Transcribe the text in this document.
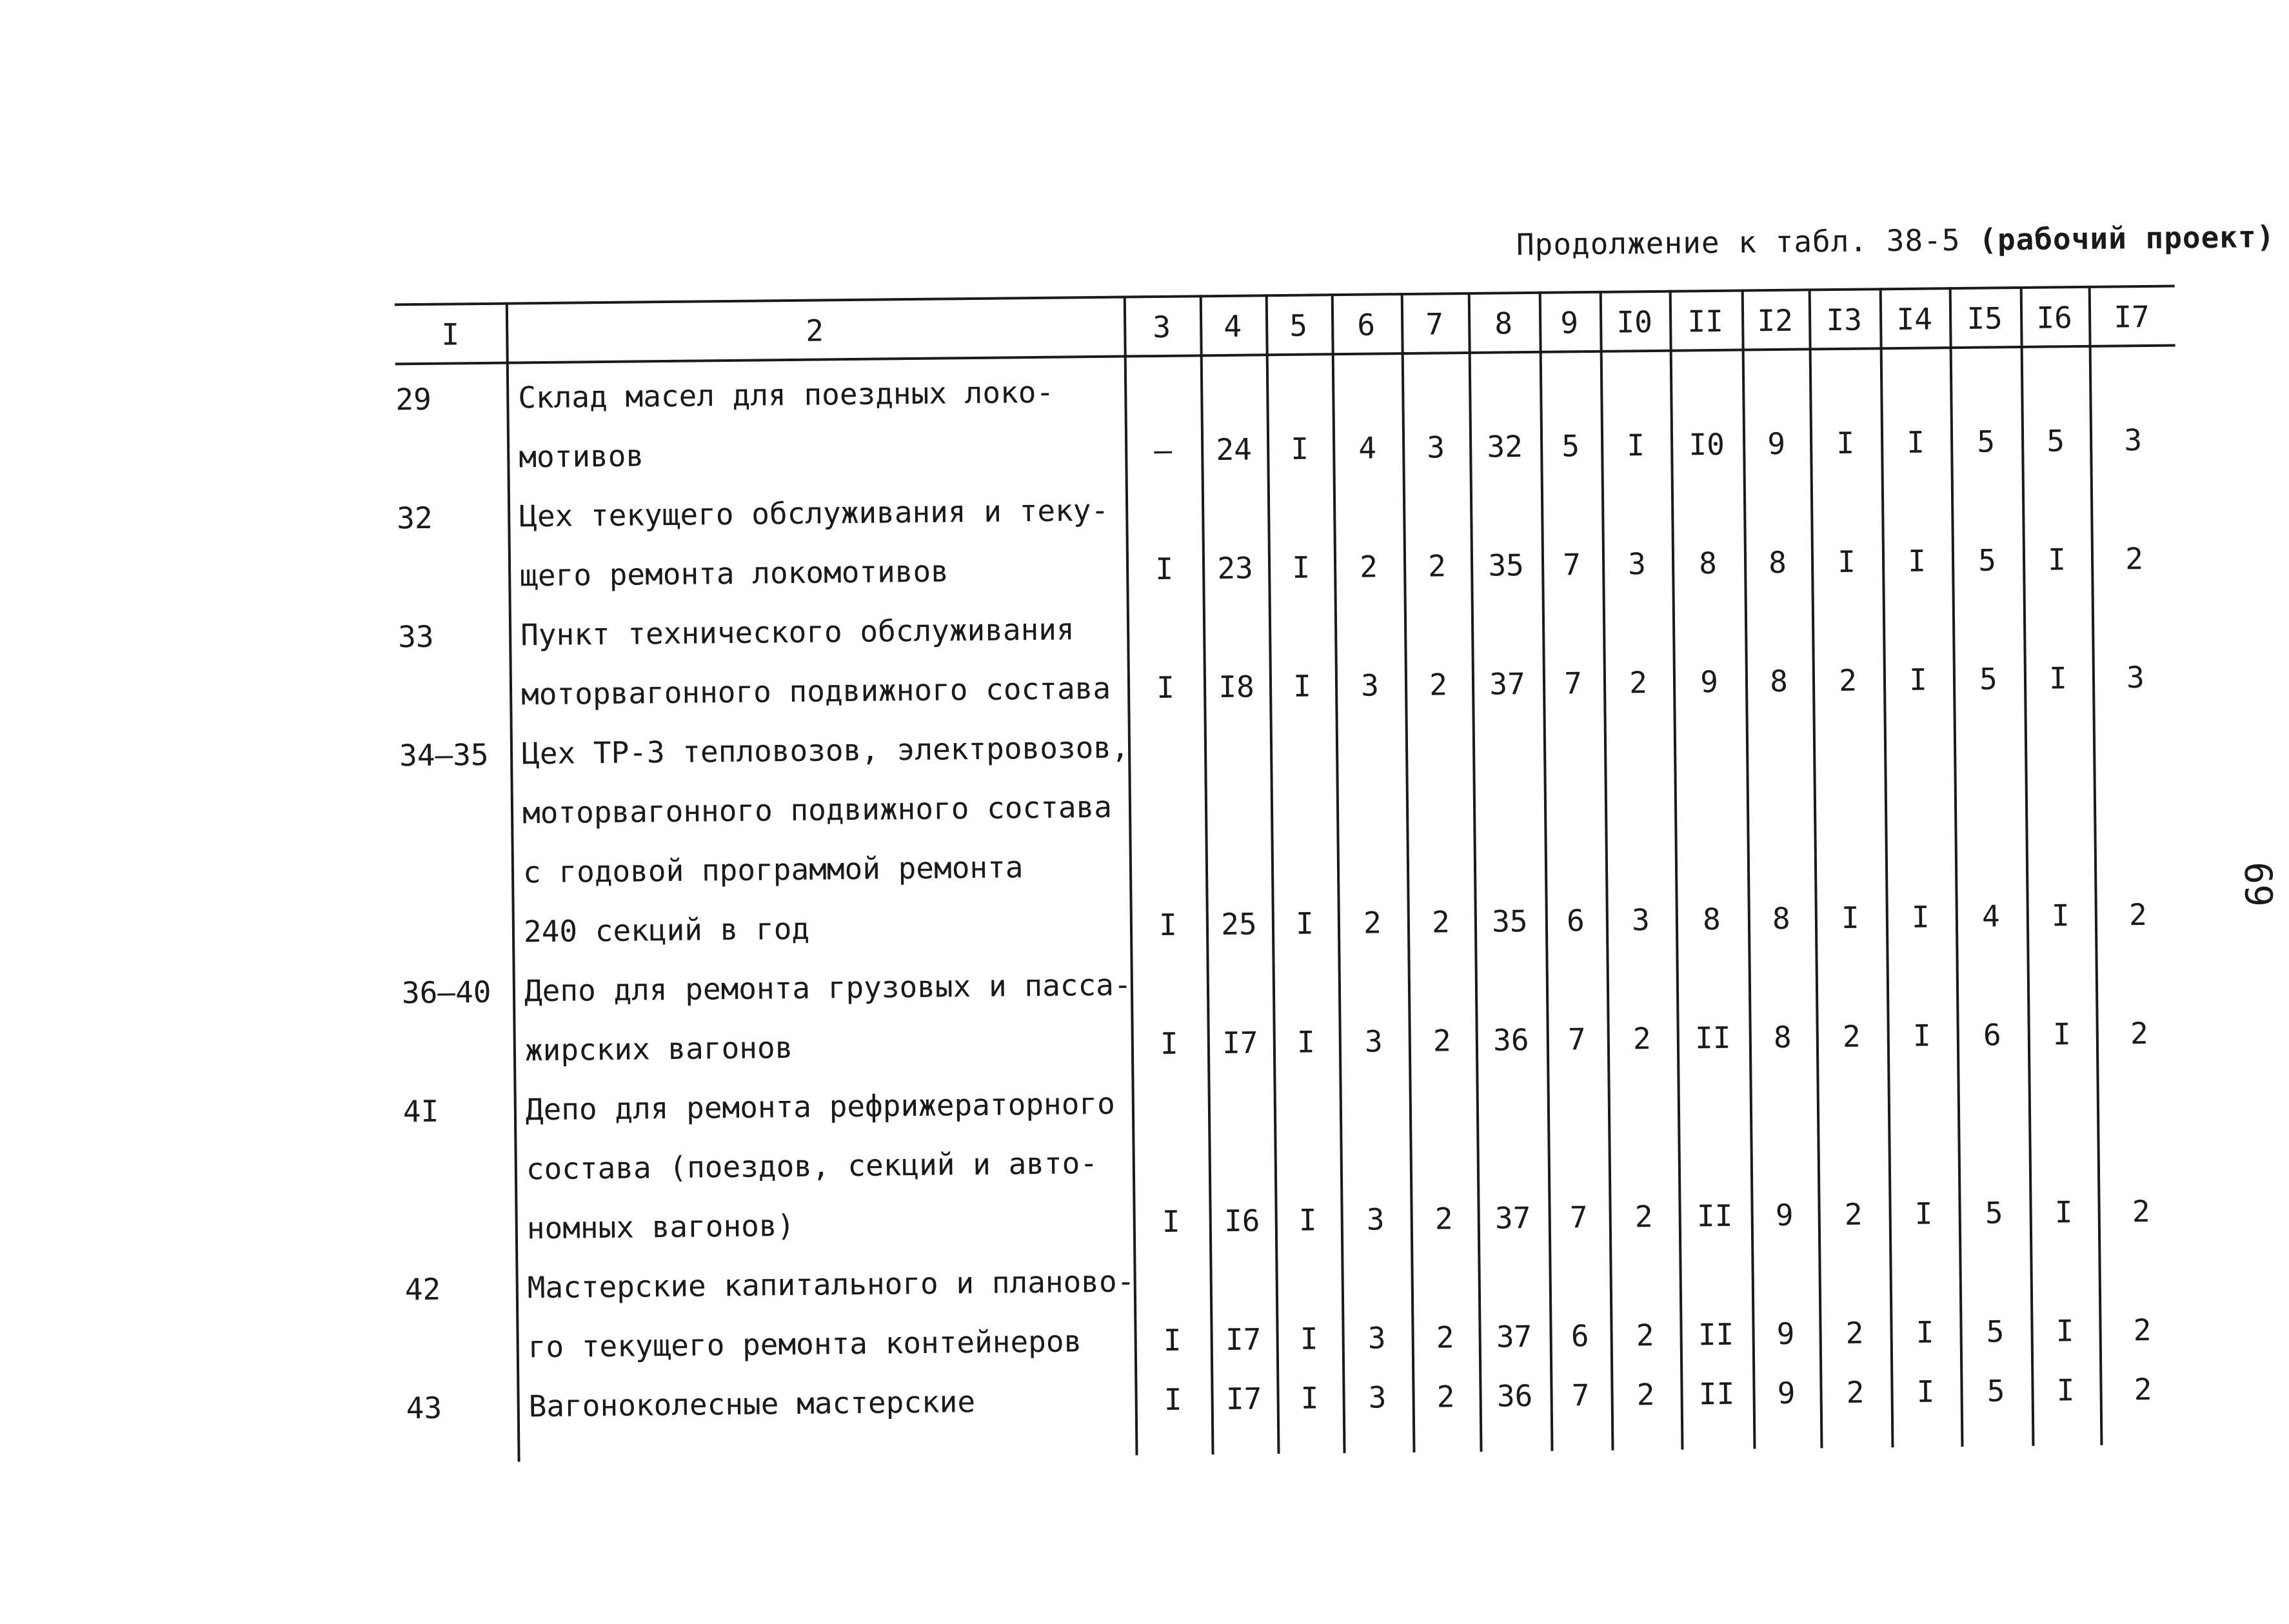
Продолжение к табл. 38-5 (рабочий проект)
69
I	2	3	4	5	6	7	8	9	I0	II	I2	I3	I4	I5	I6	I7
29	Склад масел для поездных локо-
мотивов	–	24	I	4	3	32	5	I	I0	9	I	I	5	5	3
32	Цех текущего обслуживания и теку-
щего ремонта локомотивов	I	23	I	2	2	35	7	3	8	8	I	I	5	I	2
33	Пункт технического обслуживания
моторвагонного подвижного состава	I	I8	I	3	2	37	7	2	9	8	2	I	5	I	3
34–35 Цех ТР-3 тепловозов, электровозов,
моторвагонного подвижного состава
с годовой программой ремонта
240 секций в год	I	25	I	2	2	35	6	3	8	8	I	I	4	I	2
36–40 Депо для ремонта грузовых и пасса-
жирских вагонов	I	I7	I	3	2	36	7	2	II	8	2	I	6	I	2
4I	Депо для ремонта рефрижераторного
состава (поездов, секций и авто-
номных вагонов)	I	I6	I	3	2	37	7	2	II	9	2	I	5	I	2
42	Мастерские капитального и планово-
го текущего ремонта контейнеров	I	I7	I	3	2	37	6	2	II	9	2	I	5	I	2
43	Вагоноколесные мастерские	I	I7	I	3	2	36	7	2	II	9	2	I	5	I	2
